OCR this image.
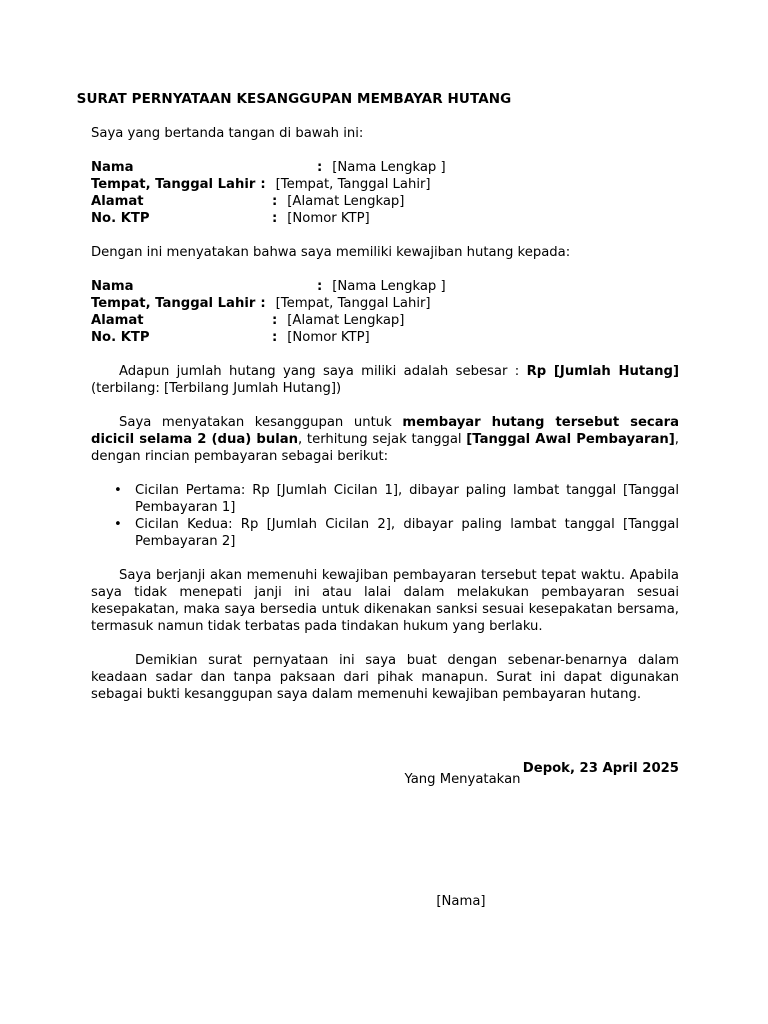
SURAT PERNYATAAN KESANGGUPAN MEMBAYAR HUTANG

Saya yang bertanda tangan di bawah ini:

Nama	: [Nama Lengkap ]
Tempat, Tanggal Lahir : [Tempat, Tanggal Lahir]
Alamat	: [Alamat Lengkap]
No. KTP	: [Nomor KTP]

Dengan ini menyatakan bahwa saya memiliki kewajiban hutang kepada:

Nama	: [Nama Lengkap ]
Tempat, Tanggal Lahir : [Tempat, Tanggal Lahir]
Alamat	: [Alamat Lengkap]
No. KTP	: [Nomor KTP]

Adapun jumlah hutang yang saya miliki adalah sebesar : Rp [Jumlah Hutang] (terbilang: [Terbilang Jumlah Hutang])

Saya menyatakan kesanggupan untuk membayar hutang tersebut secara dicicil selama 2 (dua) bulan, terhitung sejak tanggal [Tanggal Awal Pembayaran], dengan rincian pembayaran sebagai berikut:

• Cicilan Pertama: Rp [Jumlah Cicilan 1], dibayar paling lambat tanggal [Tanggal Pembayaran 1]
• Cicilan Kedua: Rp [Jumlah Cicilan 2], dibayar paling lambat tanggal [Tanggal Pembayaran 2]

Saya berjanji akan memenuhi kewajiban pembayaran tersebut tepat waktu. Apabila saya tidak menepati janji ini atau lalai dalam melakukan pembayaran sesuai kesepakatan, maka saya bersedia untuk dikenakan sanksi sesuai kesepakatan bersama, termasuk namun tidak terbatas pada tindakan hukum yang berlaku.

Demikian surat pernyataan ini saya buat dengan sebenar-benarnya dalam keadaan sadar dan tanpa paksaan dari pihak manapun. Surat ini dapat digunakan sebagai bukti kesanggupan saya dalam memenuhi kewajiban pembayaran hutang.

Depok, 23 April 2025
Yang Menyatakan
[Nama]
